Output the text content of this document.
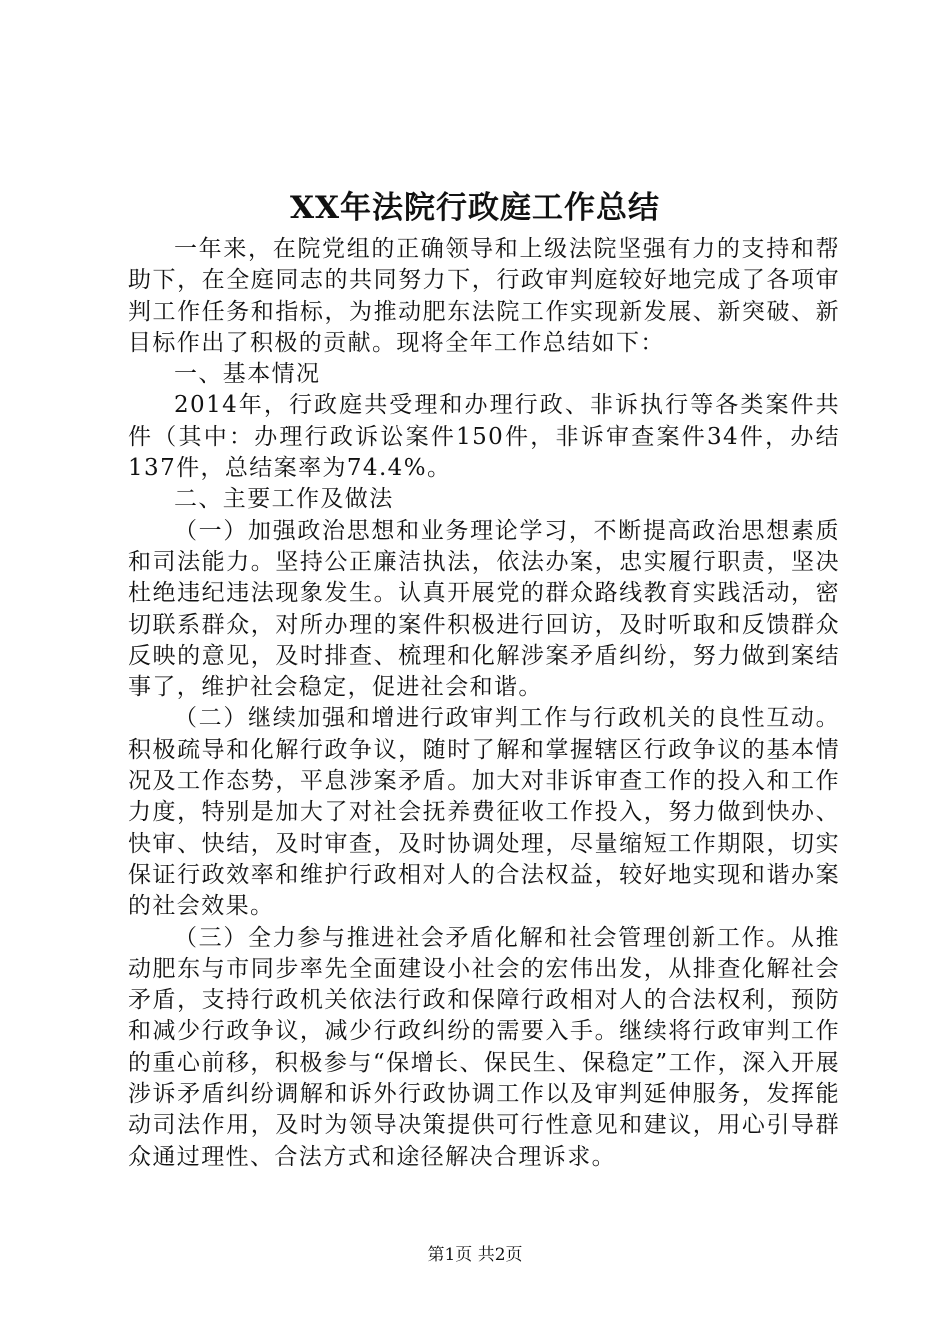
XX年法院行政庭工作总结

一年来，在院党组的正确领导和上级法院坚强有力的支持和帮助下，在全庭同志的共同努力下，行政审判庭较好地完成了各项审判工作任务和指标，为推动肥东法院工作实现新发展、新突破、新目标作出了积极的贡献。现将全年工作总结如下：

一、基本情况

2014年，行政庭共受理和办理行政、非诉执行等各类案件共件（其中：办理行政诉讼案件150件，非诉审查案件34件，办结137件，总结案率为74.4%。

二、主要工作及做法

（一）加强政治思想和业务理论学习，不断提高政治思想素质和司法能力。坚持公正廉洁执法，依法办案，忠实履行职责，坚决杜绝违纪违法现象发生。认真开展党的群众路线教育实践活动，密切联系群众，对所办理的案件积极进行回访，及时听取和反馈群众反映的意见，及时排查、梳理和化解涉案矛盾纠纷，努力做到案结事了，维护社会稳定，促进社会和谐。

（二）继续加强和增进行政审判工作与行政机关的良性互动。积极疏导和化解行政争议，随时了解和掌握辖区行政争议的基本情况及工作态势，平息涉案矛盾。加大对非诉审查工作的投入和工作力度，特别是加大了对社会抚养费征收工作投入，努力做到快办、快审、快结，及时审查，及时协调处理，尽量缩短工作期限，切实保证行政效率和维护行政相对人的合法权益，较好地实现和谐办案的社会效果。

（三）全力参与推进社会矛盾化解和社会管理创新工作。从推动肥东与市同步率先全面建设小社会的宏伟出发，从排查化解社会矛盾，支持行政机关依法行政和保障行政相对人的合法权利，预防和减少行政争议，减少行政纠纷的需要入手。继续将行政审判工作的重心前移，积极参与“保增长、保民生、保稳定”工作，深入开展涉诉矛盾纠纷调解和诉外行政协调工作以及审判延伸服务，发挥能动司法作用，及时为领导决策提供可行性意见和建议，用心引导群众通过理性、合法方式和途径解决合理诉求。

第1页 共2页
